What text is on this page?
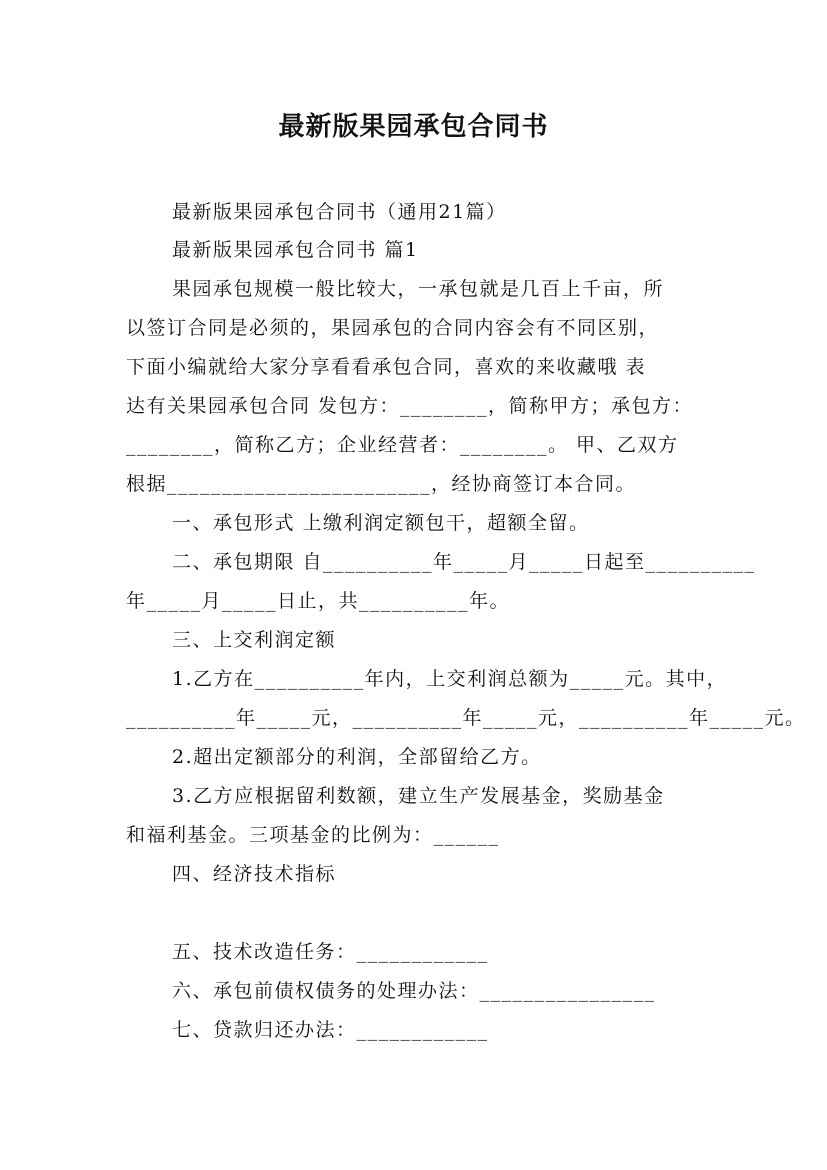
最新版果园承包合同书
最新版果园承包合同书（通用21篇）
最新版果园承包合同书 篇1
果园承包规模一般比较大，一承包就是几百上千亩，所
以签订合同是必须的，果园承包的合同内容会有不同区别，
下面小编就给大家分享看看承包合同，喜欢的来收藏哦 表
达有关果园承包合同 发包方：________，简称甲方；承包方：
________，简称乙方；企业经营者：________。 甲、乙双方
根据________________________，经协商签订本合同。
一、承包形式 上缴利润定额包干，超额全留。
二、承包期限 自__________年_____月_____日起至__________
年_____月_____日止，共__________年。
三、上交利润定额
1.乙方在__________年内，上交利润总额为_____元。其中，
__________年_____元，__________年_____元，__________年_____元。
2.超出定额部分的利润，全部留给乙方。
3.乙方应根据留利数额，建立生产发展基金，奖励基金
和福利基金。三项基金的比例为：______
四、经济技术指标
五、技术改造任务：____________
六、承包前债权债务的处理办法：________________
七、贷款归还办法：____________
